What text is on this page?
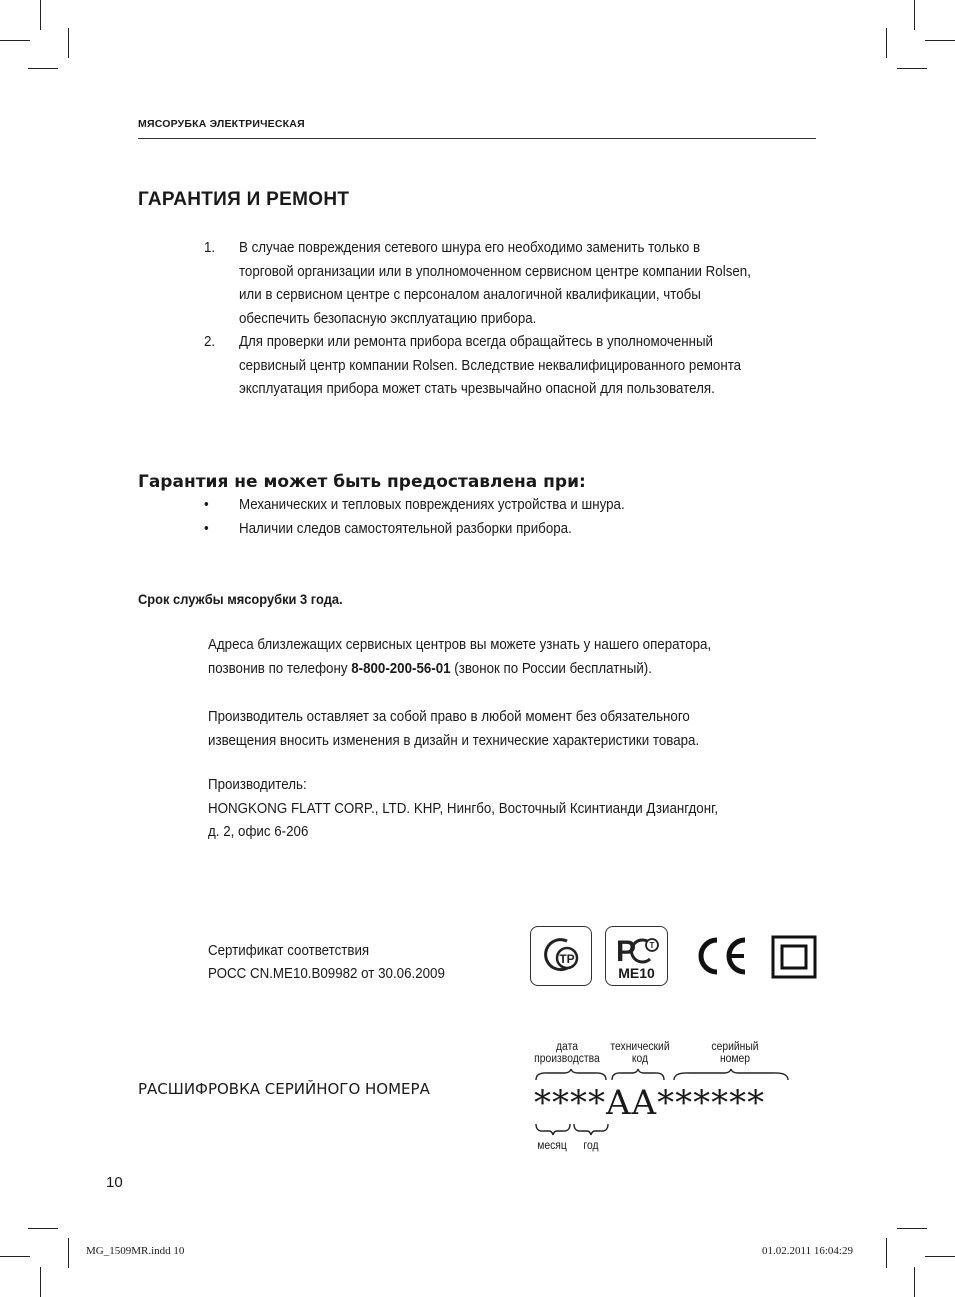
МЯСОРУБКА ЭЛЕКТРИЧЕСКАЯ
ГАРАНТИЯ И РЕМОНТ
1. В случае повреждения сетевого шнура его необходимо заменить только в торговой организации или в уполномоченном сервисном центре компании Rolsen, или в сервисном центре с персоналом аналогичной квалификации, чтобы обеспечить безопасную эксплуатацию прибора.
2. Для проверки или ремонта прибора всегда обращайтесь в уполномоченный сервисный центр компании Rolsen. Вследствие неквалифицированного ремонта эксплуатация прибора может стать чрезвычайно опасной для пользователя.
Гарантия не может быть предоставлена при:
• Механических и тепловых повреждениях устройства и шнура.
• Наличии следов самостоятельной разборки прибора.
Срок службы мясорубки 3 года.
Адреса близлежащих сервисных центров вы можете узнать у нашего оператора,
позвонив по телефону 8-800-200-56-01 (звонок по России бесплатный).
Производитель оставляет за собой право в любой момент без обязательного
извещения вносить изменения в дизайн и технические характеристики товара.
Производитель:
HONGKONG FLATT CORP., LTD. KHP, Нингбо, Восточный Ксинтианди Дзиангдонг,
д. 2, офис 6-206
Сертификат соответствия
РОСС CN.МЕ10.В09982 от 30.06.2009
ТР P T
ME10
РАСШИФРОВКА СЕРИЙНОГО НОМЕРА
дата
производства
технический
код
серийный
номер
****AA******
месяц	год
10
MG_1509MR.indd 10	01.02.2011 16:04:29
